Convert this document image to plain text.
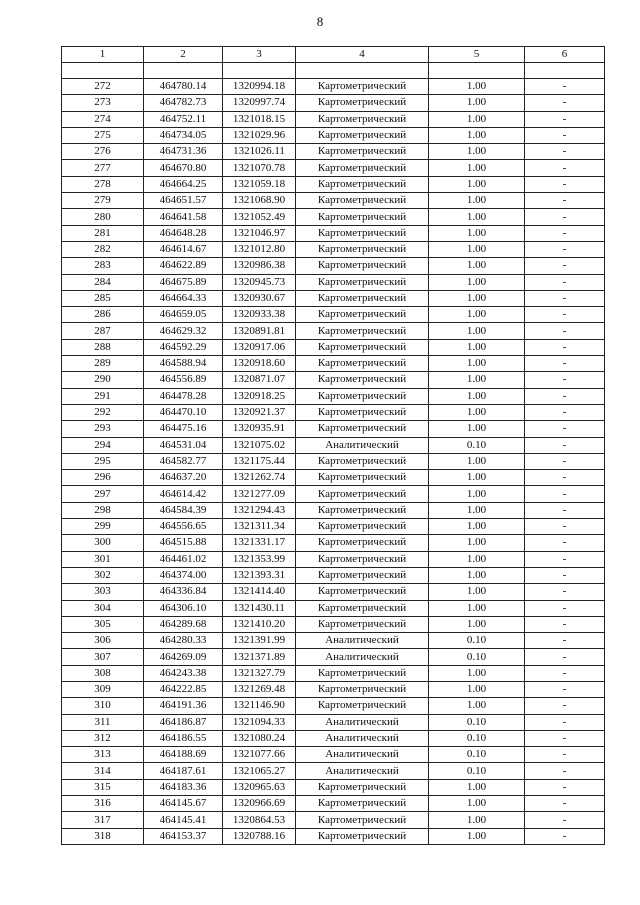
8
1	2	3	4	5	6

272	464780.14	1320994.18	Картометрический	1.00	-
273	464782.73	1320997.74	Картометрический	1.00	-
274	464752.11	1321018.15	Картометрический	1.00	-
275	464734.05	1321029.96	Картометрический	1.00	-
276	464731.36	1321026.11	Картометрический	1.00	-
277	464670.80	1321070.78	Картометрический	1.00	-
278	464664.25	1321059.18	Картометрический	1.00	-
279	464651.57	1321068.90	Картометрический	1.00	-
280	464641.58	1321052.49	Картометрический	1.00	-
281	464648.28	1321046.97	Картометрический	1.00	-
282	464614.67	1321012.80	Картометрический	1.00	-
283	464622.89	1320986.38	Картометрический	1.00	-
284	464675.89	1320945.73	Картометрический	1.00	-
285	464664.33	1320930.67	Картометрический	1.00	-
286	464659.05	1320933.38	Картометрический	1.00	-
287	464629.32	1320891.81	Картометрический	1.00	-
288	464592.29	1320917.06	Картометрический	1.00	-
289	464588.94	1320918.60	Картометрический	1.00	-
290	464556.89	1320871.07	Картометрический	1.00	-
291	464478.28	1320918.25	Картометрический	1.00	-
292	464470.10	1320921.37	Картометрический	1.00	-
293	464475.16	1320935.91	Картометрический	1.00	-
294	464531.04	1321075.02	Аналитический	0.10	-
295	464582.77	1321175.44	Картометрический	1.00	-
296	464637.20	1321262.74	Картометрический	1.00	-
297	464614.42	1321277.09	Картометрический	1.00	-
298	464584.39	1321294.43	Картометрический	1.00	-
299	464556.65	1321311.34	Картометрический	1.00	-
300	464515.88	1321331.17	Картометрический	1.00	-
301	464461.02	1321353.99	Картометрический	1.00	-
302	464374.00	1321393.31	Картометрический	1.00	-
303	464336.84	1321414.40	Картометрический	1.00	-
304	464306.10	1321430.11	Картометрический	1.00	-
305	464289.68	1321410.20	Картометрический	1.00	-
306	464280.33	1321391.99	Аналитический	0.10	-
307	464269.09	1321371.89	Аналитический	0.10	-
308	464243.38	1321327.79	Картометрический	1.00	-
309	464222.85	1321269.48	Картометрический	1.00	-
310	464191.36	1321146.90	Картометрический	1.00	-
311	464186.87	1321094.33	Аналитический	0.10	-
312	464186.55	1321080.24	Аналитический	0.10	-
313	464188.69	1321077.66	Аналитический	0.10	-
314	464187.61	1321065.27	Аналитический	0.10	-
315	464183.36	1320965.63	Картометрический	1.00	-
316	464145.67	1320966.69	Картометрический	1.00	-
317	464145.41	1320864.53	Картометрический	1.00	-
318	464153.37	1320788.16	Картометрический	1.00	-
